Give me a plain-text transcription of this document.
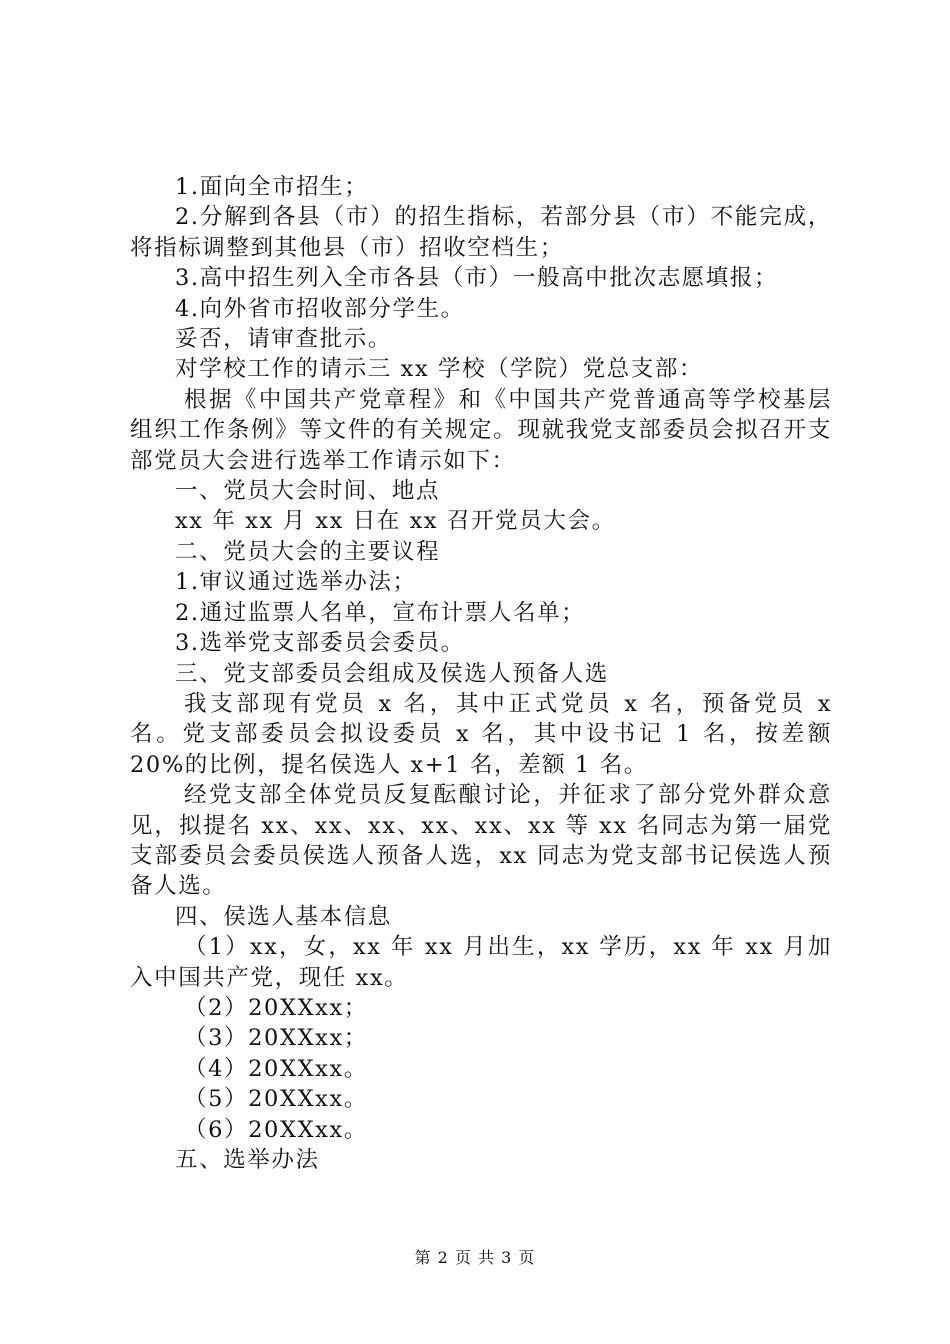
1.面向全市招生；

2.分解到各县（市）的招生指标，若部分县（市）不能完成，将指标调整到其他县（市）招收空档生；

3.高中招生列入全市各县（市）一般高中批次志愿填报；

4.向外省市招收部分学生。

妥否，请审查批示。

对学校工作的请示三 xx 学校（学院）党总支部：

根据《中国共产党章程》和《中国共产党普通高等学校基层组织工作条例》等文件的有关规定。现就我党支部委员会拟召开支部党员大会进行选举工作请示如下：

一、党员大会时间、地点

xx 年 xx 月 xx 日在 xx 召开党员大会。

二、党员大会的主要议程

1.审议通过选举办法；

2.通过监票人名单，宣布计票人名单；

3.选举党支部委员会委员。

三、党支部委员会组成及侯选人预备人选

我支部现有党员 x 名，其中正式党员 x 名，预备党员 x 名。党支部委员会拟设委员 x 名，其中设书记 1 名，按差额 20%的比例，提名侯选人 x+1 名，差额 1 名。

经党支部全体党员反复酝酿讨论，并征求了部分党外群众意见，拟提名 xx、xx、xx、xx、xx、xx 等 xx 名同志为第一届党支部委员会委员侯选人预备人选，xx 同志为党支部书记侯选人预备人选。

四、侯选人基本信息

（1）xx，女，xx 年 xx 月出生，xx 学历，xx 年 xx 月加入中国共产党，现任 xx。

（2）20XXxx；

（3）20XXxx；

（4）20XXxx。

（5）20XXxx。

（6）20XXxx。

五、选举办法

第 2 页 共 3 页
